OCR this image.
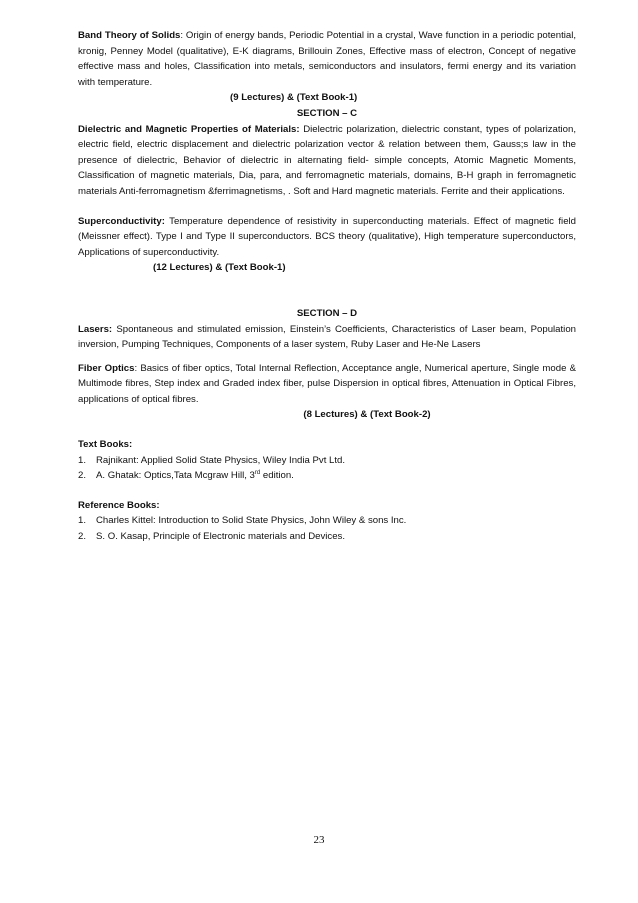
Band Theory of Solids: Origin of energy bands, Periodic Potential in a crystal, Wave function in a periodic potential, kronig, Penney Model (qualitative), E-K diagrams, Brillouin Zones, Effective mass of electron, Concept of negative effective mass and holes, Classification into metals, semiconductors and insulators, fermi energy and its variation with temperature.

(9 Lectures) & (Text Book-1)

SECTION – C

Dielectric and Magnetic Properties of Materials: Dielectric polarization, dielectric constant, types of polarization, electric field, electric displacement and dielectric polarization vector & relation between them, Gauss;s law in the presence of dielectric, Behavior of dielectric in alternating field- simple concepts, Atomic Magnetic Moments, Classification of magnetic materials, Dia, para, and ferromagnetic materials, domains, B-H graph in ferromagnetic materials Anti-ferromagnetism &ferrimagnetisms, . Soft and Hard magnetic materials. Ferrite and their applications.

Superconductivity: Temperature dependence of resistivity in superconducting materials. Effect of magnetic field (Meissner effect). Type I and Type II superconductors. BCS theory (qualitative), High temperature superconductors, Applications of superconductivity.

(12 Lectures) & (Text Book-1)

SECTION – D

Lasers: Spontaneous and stimulated emission, Einstein’s Coefficients, Characteristics of Laser beam, Population inversion, Pumping Techniques, Components of a laser system, Ruby Laser and He-Ne Lasers

Fiber Optics: Basics of fiber optics, Total Internal Reflection, Acceptance angle, Numerical aperture, Single mode & Multimode fibres, Step index and Graded index fiber, pulse Dispersion in optical fibres, Attenuation in Optical Fibres, applications of optical fibres.

(8 Lectures) & (Text Book-2)

Text Books:

1. Rajnikant: Applied Solid State Physics, Wiley India Pvt Ltd.
2. A. Ghatak: Optics,Tata Mcgraw Hill, 3rd edition.

Reference Books:

1. Charles Kittel: Introduction to Solid State Physics, John Wiley & sons Inc.
2. S. O. Kasap, Principle of Electronic materials and Devices.
23
